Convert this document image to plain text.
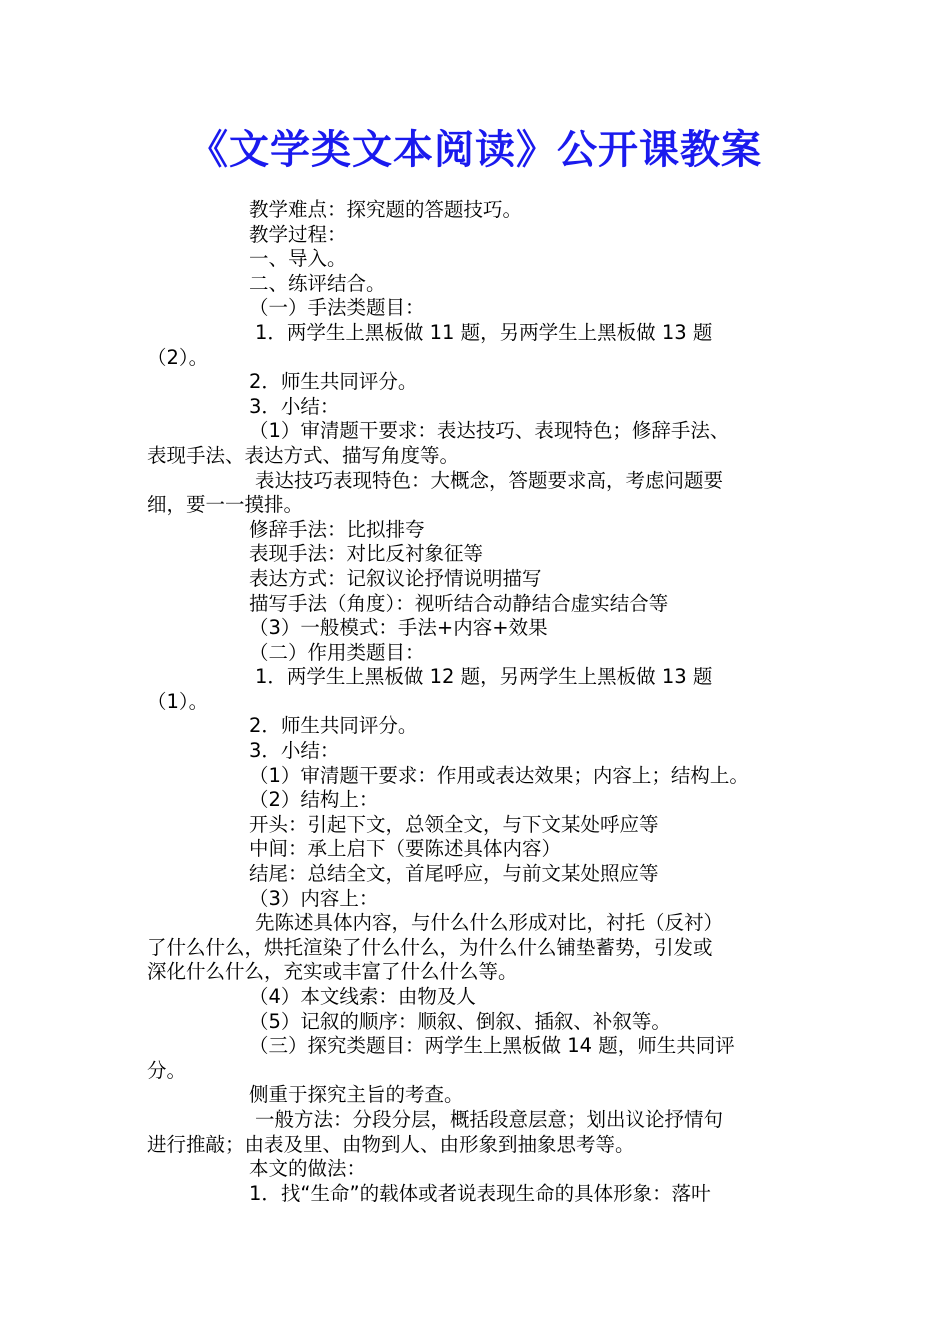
《文学类文本阅读》公开课教案

教学难点：探究题的答题技巧。

教学过程：

一、导入。

二、练评结合。

（一）手法类题目：

1．两学生上黑板做 11 题，另两学生上黑板做 13 题

（2）。

2．师生共同评分。

3．小结：

（1）审清题干要求：表达技巧、表现特色；修辞手法、

表现手法、表达方式、描写角度等。

表达技巧表现特色：大概念，答题要求高，考虑问题要

细，要一一摸排。

修辞手法：比拟排夸

表现手法：对比反衬象征等

表达方式：记叙议论抒情说明描写

描写手法（角度）：视听结合动静结合虚实结合等

（3）一般模式：手法+内容+效果

（二）作用类题目：

1．两学生上黑板做 12 题，另两学生上黑板做 13 题

（1）。

2．师生共同评分。

3．小结：

（1）审清题干要求：作用或表达效果；内容上；结构上。

（2）结构上：

开头：引起下文，总领全文，与下文某处呼应等

中间：承上启下（要陈述具体内容）

结尾：总结全文，首尾呼应，与前文某处照应等

（3）内容上：

先陈述具体内容，与什么什么形成对比，衬托（反衬）

了什么什么，烘托渲染了什么什么，为什么什么铺垫蓄势，引发或

深化什么什么，充实或丰富了什么什么等。

（4）本文线索：由物及人

（5）记叙的顺序：顺叙、倒叙、插叙、补叙等。

（三）探究类题目：两学生上黑板做 14 题，师生共同评

分。

侧重于探究主旨的考查。

一般方法：分段分层，概括段意层意；划出议论抒情句

进行推敲；由表及里、由物到人、由形象到抽象思考等。

本文的做法：

1．找“生命”的载体或者说表现生命的具体形象：落叶
